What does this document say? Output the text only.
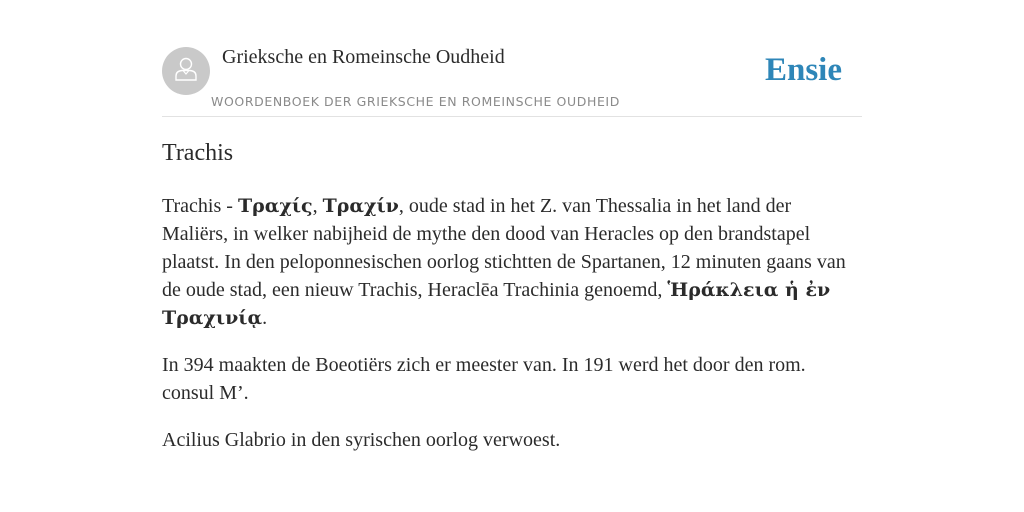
Grieksche en Romeinsche Oudheid
WOORDENBOEK DER GRIEKSCHE EN ROMEINSCHE OUDHEID
Ensie
Trachis

Trachis - Τραχίς, Τραχίν, oude stad in het Z. van Thessalia in het land der Maliërs, in welker nabijheid de mythe den dood van Heracles op den brandstapel plaatst. In den peloponnesischen oorlog stichtten de Spartanen, 12 minuten gaans van de oude stad, een nieuw Trachis, Heraclēa Trachinia genoemd, Ἡράκλεια ἡ ἐν Τραχινίᾳ.

In 394 maakten de Boeotiërs zich er meester van. In 191 werd het door den rom. consul M’.

Acilius Glabrio in den syrischen oorlog verwoest.
